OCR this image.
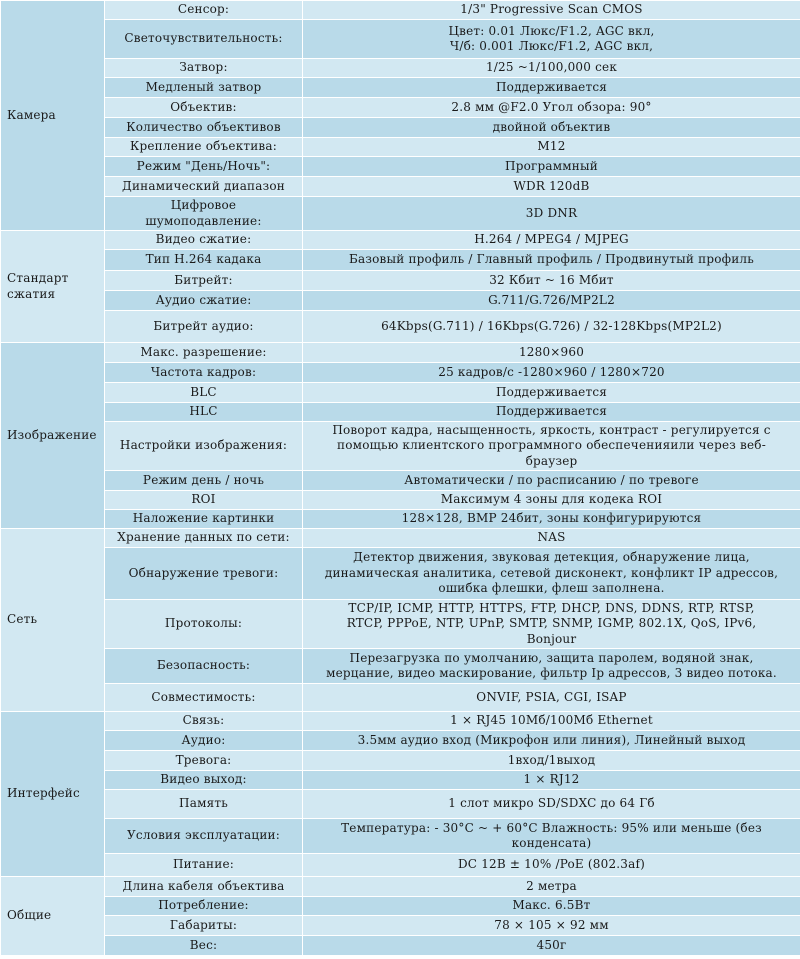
Камера	Сенсор:	1/3" Progressive Scan CMOS
	Светочувствительность:	Цвет: 0.01 Люкс/F1.2, AGC вкл,
Ч/б: 0.001 Люкс/F1.2, AGC вкл,
	Затвор:	1/25 ~1/100,000 сек
	Медленый затвор	Поддерживается
	Объектив:	2.8 мм @F2.0 Угол обзора: 90°
	Количество объективов	двойной объектив
	Крепление объектива:	M12
	Режим "День/Ночь":	Программный
	Динамический диапазон	WDR 120dB
	Цифровое
шумоподавление:	3D DNR
Стандарт
сжатия	Видео сжатие:	H.264 / MPEG4 / MJPEG
	Тип H.264 кадака	Базовый профиль / Главный профиль / Продвинутый профиль
	Битрейт:	32 Кбит ~ 16 Мбит
	Аудио сжатие:	G.711/G.726/MP2L2
	Битрейт аудио:	64Kbps(G.711) / 16Kbps(G.726) / 32-128Kbps(MP2L2)
Изображение	Макс. разрешение:	1280×960
	Частота кадров:	25 кадров/с -1280×960 / 1280×720
	BLC	Поддерживается
	HLC	Поддерживается
	Настройки изображения:	Поворот кадра, насыщенность, яркость, контраст - регулируется с
помощью клиентского программного обеспеченияили через веб-
браузер
	Режим день / ночь	Автоматически / по расписанию / по тревоге
	ROI	Максимум 4 зоны для кодека ROI
	Наложение картинки	128×128, BMP 24бит, зоны конфигурируются
Сеть	Хранение данных по сети:	NAS
	Обнаружение тревоги:	Детектор движения, звуковая детекция, обнаружение лица,
динамическая аналитика, сетевой дисконект, конфликт IP адрессов,
ошибка флешки, флеш заполнена.
	Протоколы:	TCP/IP, ICMP, HTTP, HTTPS, FTP, DHCP, DNS, DDNS, RTP, RTSP,
RTCP, PPPoE, NTP, UPnP, SMTP, SNMP, IGMP, 802.1X, QoS, IPv6,
Bonjour
	Безопасность:	Перезагрузка по умолчанию, защита паролем, водяной знак,
мерцание, видео маскирование, фильтр Ip адрессов, 3 видео потока.
	Совместимость:	ONVIF, PSIA, CGI, ISAP
Интерфейс	Связь:	1 × RJ45 10Мб/100Мб Ethernet
	Аудио:	3.5мм аудио вход (Микрофон или линия), Линейный выход
	Тревога:	1вход/1выход
	Видео выход:	1 × RJ12
	Память	1 слот микро SD/SDXC до 64 Гб
	Условия эксплуатации:	Температура: - 30°C ~ + 60°C Влажность: 95% или меньше (без
конденсата)
	Питание:	DC 12В ± 10% /PoE (802.3af)
Общие	Длина кабеля объектива	2 метра
	Потребление:	Макс. 6.5Вт
	Габариты:	78 × 105 × 92 мм
	Вес:	450г
